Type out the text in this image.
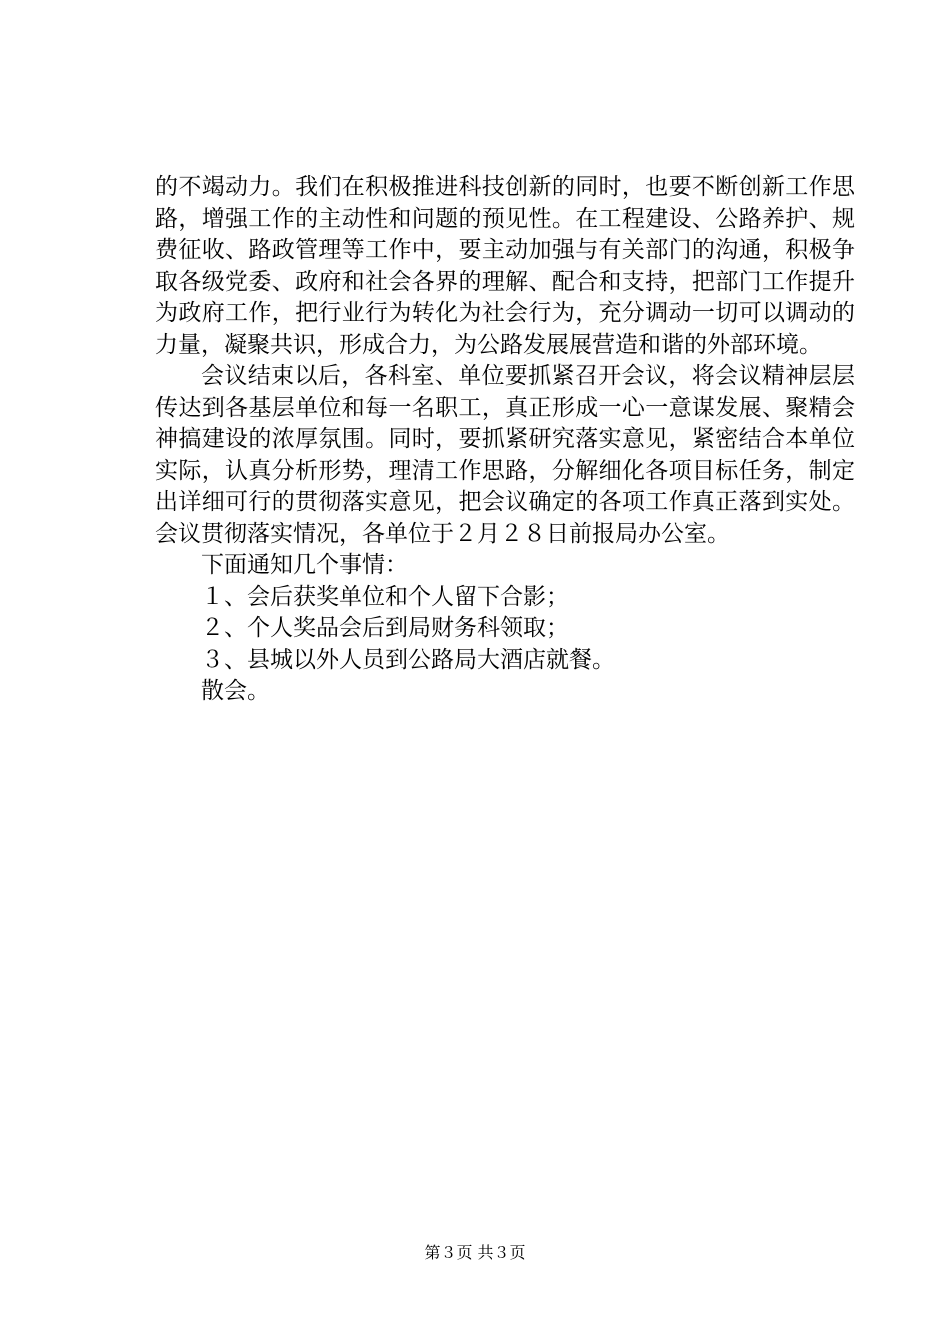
的不竭动力。我们在积极推进科技创新的同时，也要不断创新工作思路，增强工作的主动性和问题的预见性。在工程建设、公路养护、规费征收、路政管理等工作中，要主动加强与有关部门的沟通，积极争取各级党委、政府和社会各界的理解、配合和支持，把部门工作提升为政府工作，把行业行为转化为社会行为，充分调动一切可以调动的力量，凝聚共识，形成合力，为公路发展展营造和谐的外部环境。

会议结束以后，各科室、单位要抓紧召开会议，将会议精神层层传达到各基层单位和每一名职工，真正形成一心一意谋发展、聚精会神搞建设的浓厚氛围。同时，要抓紧研究落实意见，紧密结合本单位实际，认真分析形势，理清工作思路，分解细化各项目标任务，制定出详细可行的贯彻落实意见，把会议确定的各项工作真正落到实处。会议贯彻落实情况，各单位于２月２８日前报局办公室。

下面通知几个事情：

１、会后获奖单位和个人留下合影；

２、个人奖品会后到局财务科领取；

３、县城以外人员到公路局大酒店就餐。

散会。

第３页 共３页
